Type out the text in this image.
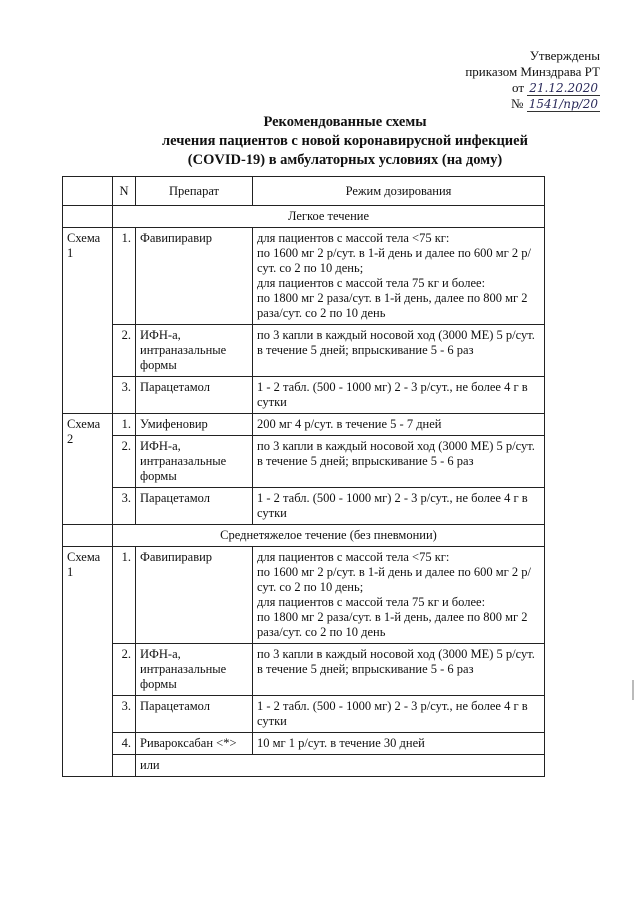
Утверждены
приказом Минздрава РТ
от 21.12.2020
№ 1541/пр/20
Рекомендованные схемы
лечения пациентов с новой коронавирусной инфекцией
(COVID-19) в амбулаторных условиях (на дому)
	N	Препарат	Режим дозирования
	Легкое течение		
Схема 1	1.	Фавипиравир	для пациентов с массой тела <75 кг:
по 1600 мг 2 р/сут. в 1-й день и далее по 600 мг 2 р/сут. со 2 по 10 день;
для пациентов с массой тела 75 кг и более:
по 1800 мг 2 раза/сут. в 1-й день, далее по 800 мг 2 раза/сут. со 2 по 10 день
	2.	ИФН-а, интраназальные формы	по 3 капли в каждый носовой ход (3000 МЕ) 5 р/сут. в течение 5 дней; впрыскивание 5 - 6 раз
	3.	Парацетамол	1 - 2 табл. (500 - 1000 мг) 2 - 3 р/сут., не более 4 г в сутки
Схема 2	1.	Умифеновир	200 мг 4 р/сут. в течение 5 - 7 дней
	2.	ИФН-а, интраназальные формы	по 3 капли в каждый носовой ход (3000 МЕ) 5 р/сут. в течение 5 дней; впрыскивание 5 - 6 раз
	3.	Парацетамол	1 - 2 табл. (500 - 1000 мг) 2 - 3 р/сут., не более 4 г в сутки
	Среднетяжелое течение (без пневмонии)		
Схема 1	1.	Фавипиравир	для пациентов с массой тела <75 кг:
по 1600 мг 2 р/сут. в 1-й день и далее по 600 мг 2 р/сут. со 2 по 10 день;
для пациентов с массой тела 75 кг и более:
по 1800 мг 2 раза/сут. в 1-й день, далее по 800 мг 2 раза/сут. со 2 по 10 день
	2.	ИФН-а, интраназальные формы	по 3 капли в каждый носовой ход (3000 МЕ) 5 р/сут. в течение 5 дней; впрыскивание 5 - 6 раз
	3.	Парацетамол	1 - 2 табл. (500 - 1000 мг) 2 - 3 р/сут., не более 4 г в сутки
	4.	Ривароксабан <*>	10 мг 1 р/сут. в течение 30 дней
		или	
